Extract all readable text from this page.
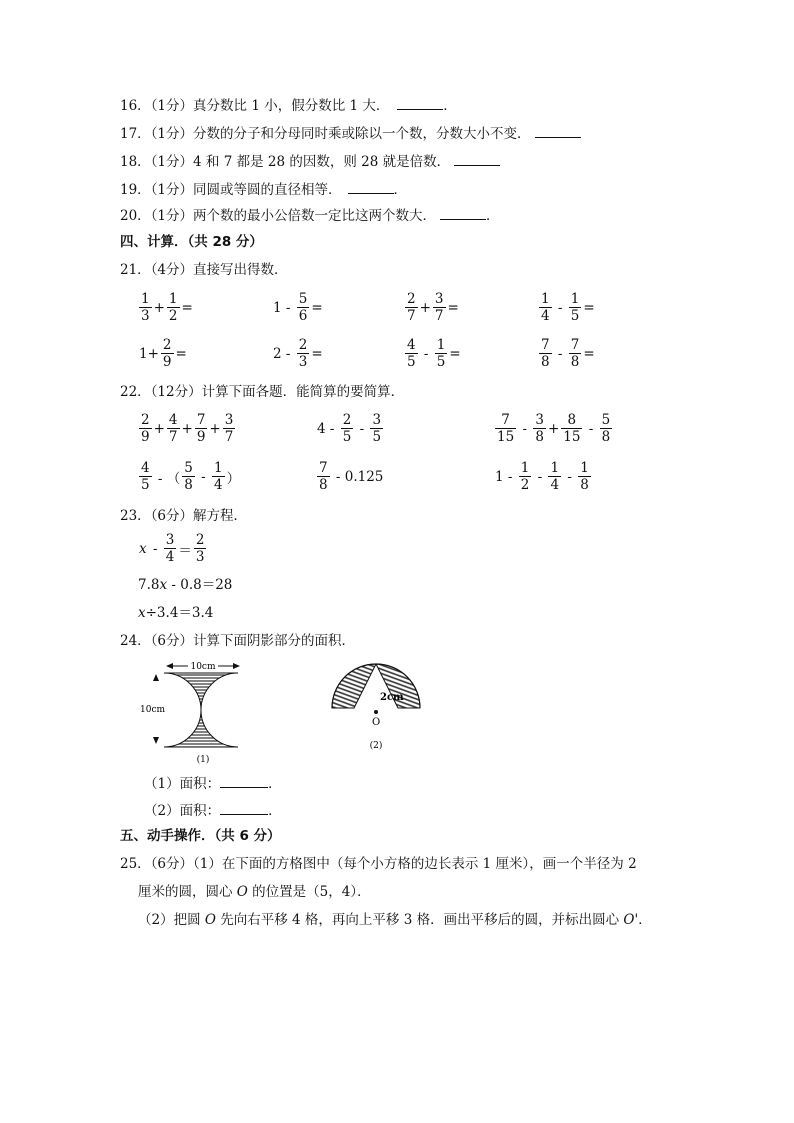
16．（1分）真分数比 1 小，假分数比 1 大．	．
17．（1分）分数的分子和分母同时乘或除以一个数，分数大小不变．
18．（1分）4 和 7 都是 28 的因数，则 28 就是倍数．
19．（1分）同圆或等圆的直径相等．	．
20．（1分）两个数的最小公倍数一定比这两个数大．	．
四、计算．（共 28 分）
21．（4分）直接写出得数．
$\frac{1}{3} + \frac{1}{2}$ =	$1 - \frac{5}{6}$ =	$\frac{2}{7} + \frac{3}{7}$ =	$\frac{1}{4} - \frac{1}{5}$ =
$1+ \frac{2}{9}$ =	$2 - \frac{2}{3}$ =	$\frac{4}{5} - \frac{1}{5}$ =	$\frac{7}{8} - \frac{7}{8}$ =
22．（12分）计算下面各题．能简算的要简算．
$\frac{2}{9} + \frac{4}{7} + \frac{7}{9} + \frac{3}{7}$	$4 - \frac{2}{5} - \frac{3}{5}$	$\frac{7}{15} - \frac{3}{8} + \frac{8}{15} - \frac{5}{8}$
$\frac{4}{5}$ - （ $\frac{5}{8} - \frac{1}{4}$ ）	$\frac{7}{8} - 0.125$	$1 - \frac{1}{2} - \frac{1}{4} - \frac{1}{8}$
23．（6分）解方程．
$x - \frac{3}{4} = \frac{2}{3}$
7.8x - 0.8＝28
x÷3.4＝3.4
24．（6分）计算下面阴影部分的面积．
10cm
10cm
(1)
2cm
O
(2)
（1）面积：	．
（2）面积：	．
五、动手操作．（共 6 分）
25．（6分）（1）在下面的方格图中（每个小方格的边长表示 1 厘米），画一个半径为 2
厘米的圆，圆心 O 的位置是（5，4）．
（2）把圆 O 先向右平移 4 格，再向上平移 3 格．画出平移后的圆，并标出圆心 O'．
